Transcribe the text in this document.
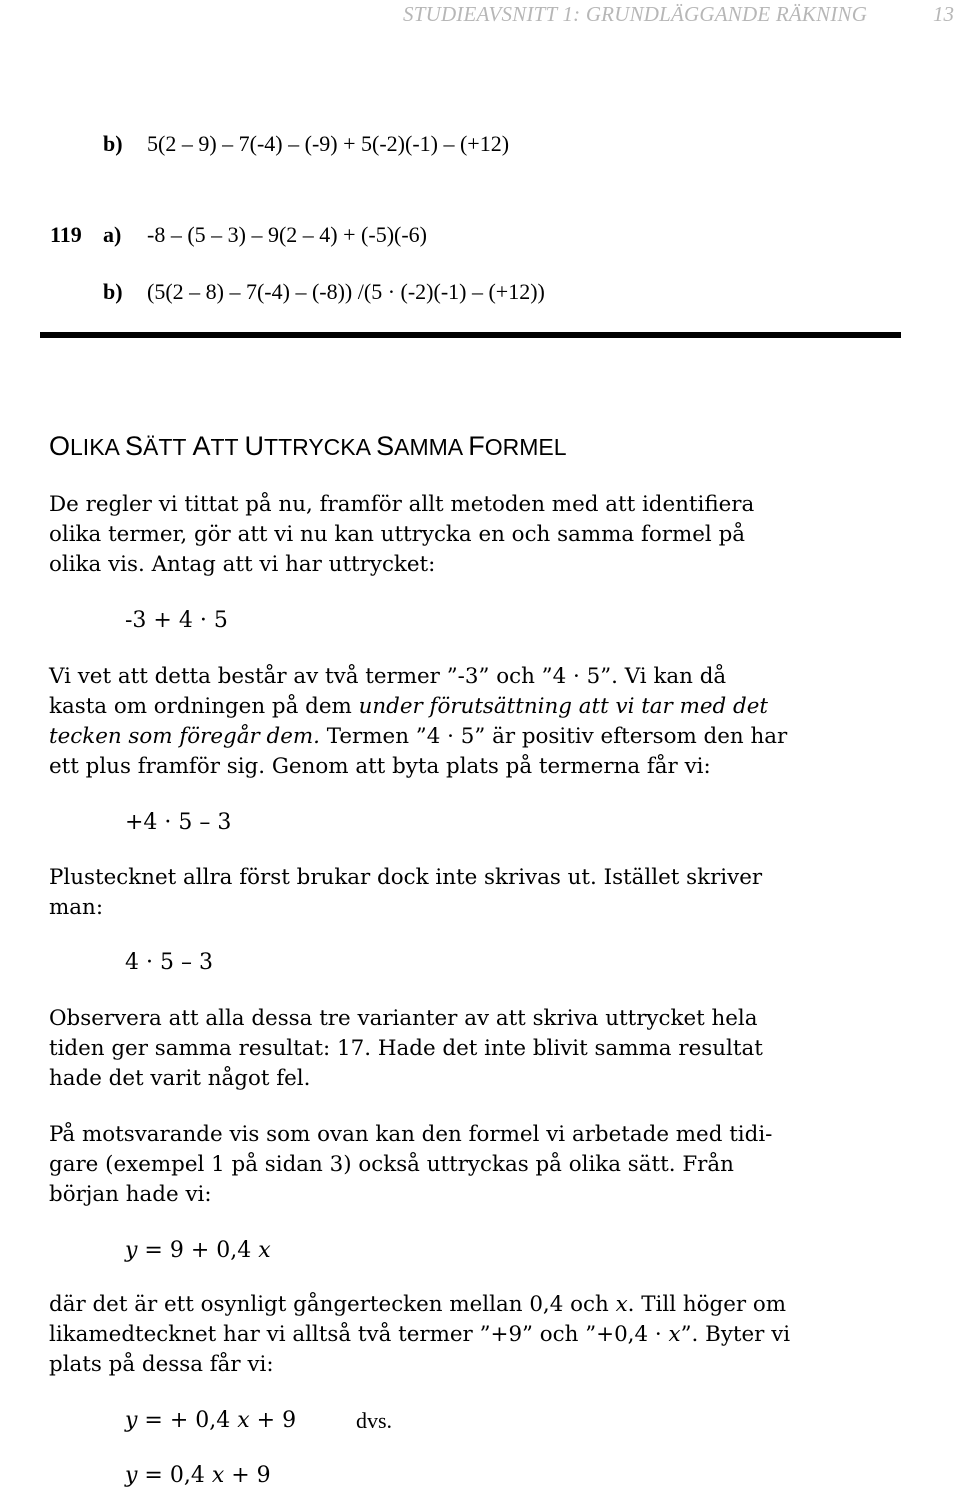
STUDIEAVSNITT 1: GRUNDLÄGGANDE RÄKNING	13
b) 5(2 – 9) – 7(-4) – (-9) + 5(-2)(-1) – (+12)
119 a) -8 – (5 – 3) – 9(2 – 4) + (-5)(-6)
b) (5(2 – 8) – 7(-4) – (-8)) /(5 · (-2)(-1) – (+12))
OLIKA SÄTT ATT UTTRYCKA SAMMA FORMEL
De regler vi tittat på nu, framför allt metoden med att identifiera
olika termer, gör att vi nu kan uttrycka en och samma formel på
olika vis. Antag att vi har uttrycket:
-3 + 4 · 5
Vi vet att detta består av två termer ”-3” och ”4 · 5”. Vi kan då
kasta om ordningen på dem under förutsättning att vi tar med det
tecken som föregår dem. Termen ”4 · 5” är positiv eftersom den har
ett plus framför sig. Genom att byta plats på termerna får vi:
+4 · 5 – 3
Plustecknet allra först brukar dock inte skrivas ut. Istället skriver
man:
4 · 5 – 3
Observera att alla dessa tre varianter av att skriva uttrycket hela
tiden ger samma resultat: 17. Hade det inte blivit samma resultat
hade det varit något fel.
På motsvarande vis som ovan kan den formel vi arbetade med tidi-
gare (exempel 1 på sidan 3) också uttryckas på olika sätt. Från
början hade vi:
y = 9 + 0,4 x
där det är ett osynligt gångertecken mellan 0,4 och x. Till höger om
likamedtecknet har vi alltså två termer ”+9” och ”+0,4 · x”. Byter vi
plats på dessa får vi:
y = + 0,4 x + 9	dvs.
y = 0,4 x + 9
